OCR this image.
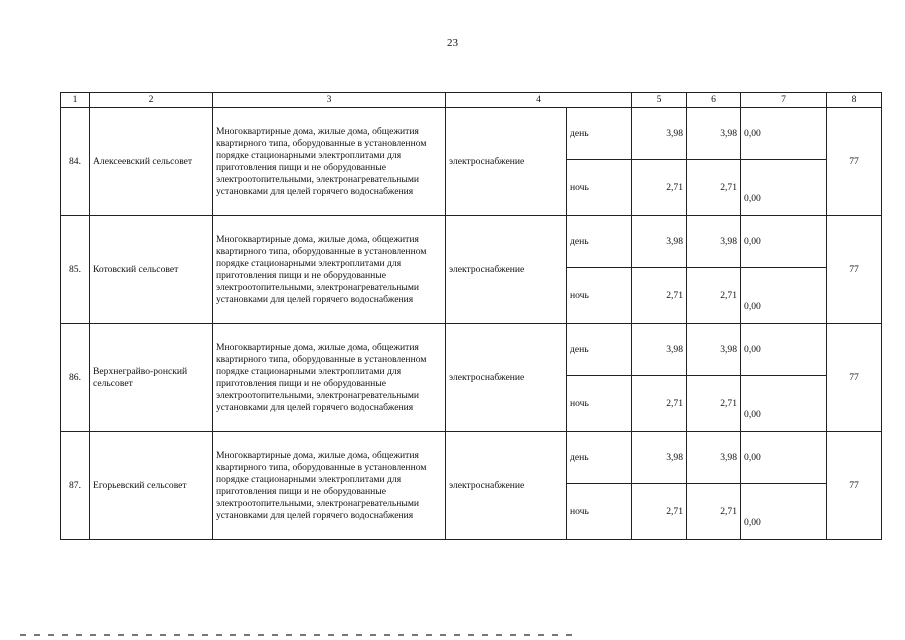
23
1	2	3	4		5	6	7	8
84.	Алексеевский сельсовет	Многоквартирные дома, жилые дома, общежития квартирного типа, оборудованные в установленном порядке стационарными электроплитами для приготовления пищи и не оборудованные электроотопительными, электронагревательными установками для целей горячего водоснабжения	электроснабжение	день	3,98	3,98	0,00	77
				ночь	2,71	2,71	0,00	
85.	Котовский сельсовет	Многоквартирные дома, жилые дома, общежития квартирного типа, оборудованные в установленном порядке стационарными электроплитами для приготовления пищи и не оборудованные электроотопительными, электронагревательными установками для целей горячего водоснабжения	электроснабжение	день	3,98	3,98	0,00	77
				ночь	2,71	2,71	0,00	
86.	Верхнеграйво-ронский сельсовет	Многоквартирные дома, жилые дома, общежития квартирного типа, оборудованные в установленном порядке стационарными электроплитами для приготовления пищи и не оборудованные электроотопительными, электронагревательными установками для целей горячего водоснабжения	электроснабжение	день	3,98	3,98	0,00	77
				ночь	2,71	2,71	0,00	
87.	Егорьевский сельсовет	Многоквартирные дома, жилые дома, общежития квартирного типа, оборудованные в установленном порядке стационарными электроплитами для приготовления пищи и не оборудованные электроотопительными, электронагревательными установками для целей горячего водоснабжения	электроснабжение	день	3,98	3,98	0,00	77
				ночь	2,71	2,71	0,00	
